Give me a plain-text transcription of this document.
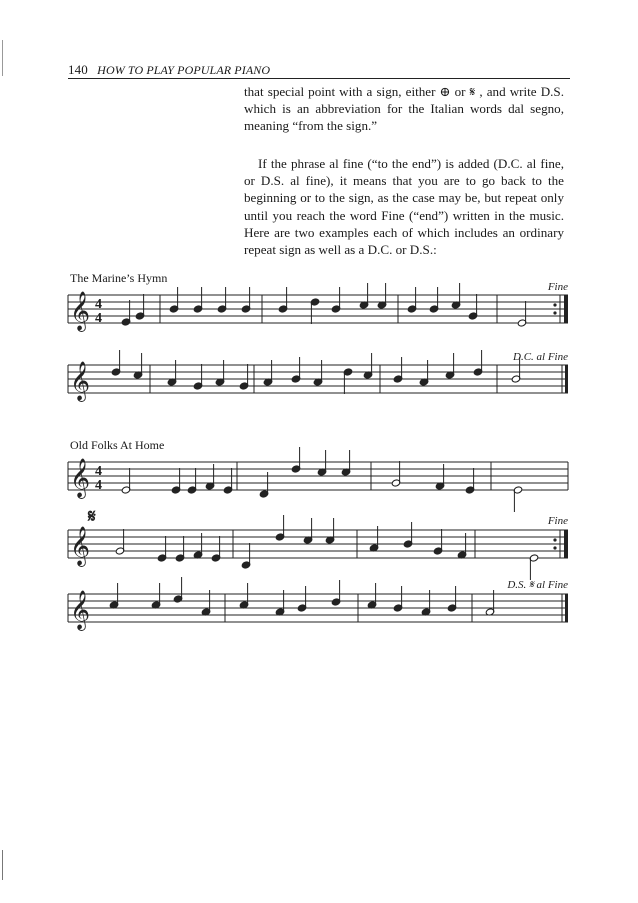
140 HOW TO PLAY POPULAR PIANO

that special point with a sign, either ⊕ or 𝄋 , and write D.S. which is an abbreviation for the Italian words dal segno, meaning “from the sign.”

If the phrase al fine (“to the end”) is added (D.C. al fine, or D.S. al fine), it means that you are to go back to the beginning or to the sign, as the case may be, but repeat only until you reach the word Fine (“end”) written in the music. Here are two examples each of which includes an ordinary repeat sign as well as a D.C. or D.S.:

The Marine’s Hymn
Old Folks At Home
𝄞
𝄞
𝄞
𝄞
𝄞
4
4
4
4
Fine
D.C. al Fine
Fine
D.S. 𝄋 al Fine
𝄋
